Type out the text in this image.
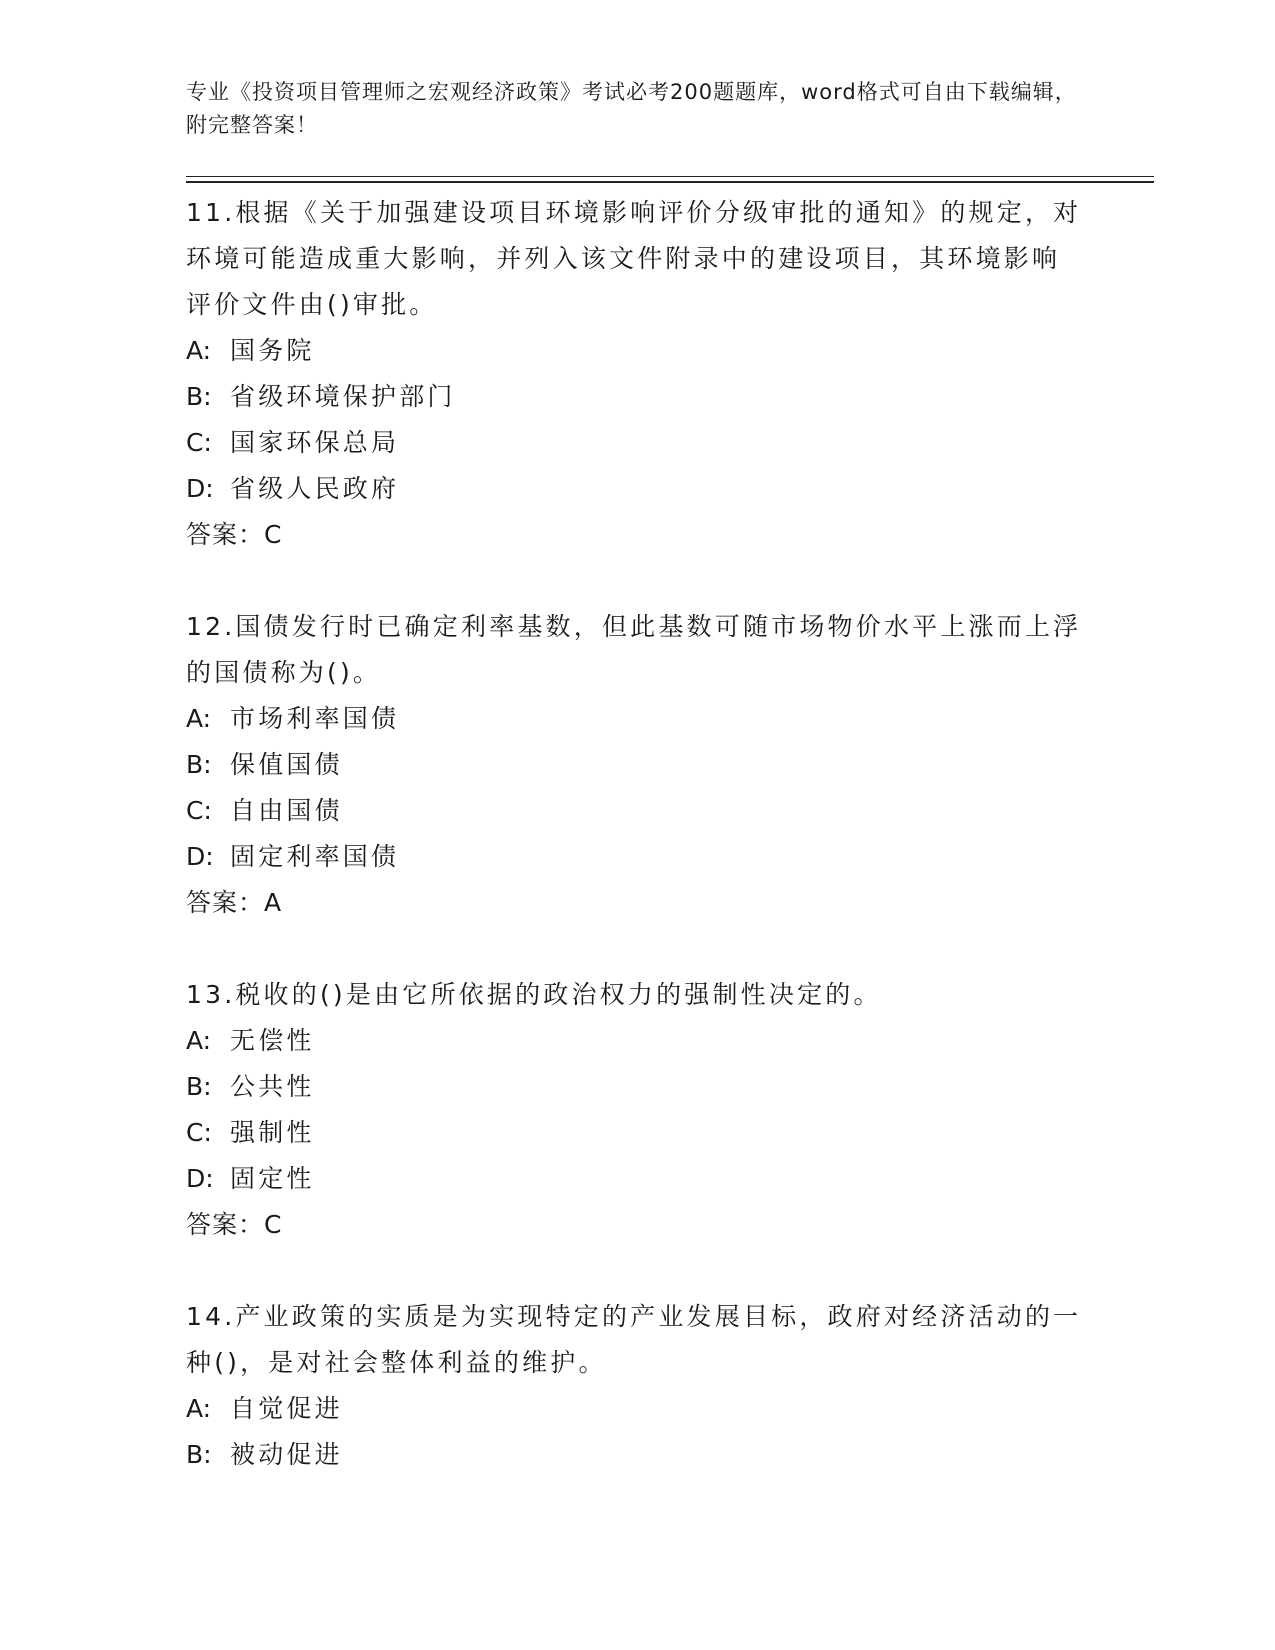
专业《投资项目管理师之宏观经济政策》考试必考200题题库，word格式可自由下载编辑，附完整答案！

11.根据《关于加强建设项目环境影响评价分级审批的通知》的规定，对环境可能造成重大影响，并列入该文件附录中的建设项目，其环境影响评价文件由()审批。

A: 国务院

B: 省级环境保护部门

C: 国家环保总局

D: 省级人民政府

答案：C

12.国债发行时已确定利率基数，但此基数可随市场物价水平上涨而上浮的国债称为()。

A: 市场利率国债

B: 保值国债

C: 自由国债

D: 固定利率国债

答案：A

13.税收的()是由它所依据的政治权力的强制性决定的。

A: 无偿性

B: 公共性

C: 强制性

D: 固定性

答案：C

14.产业政策的实质是为实现特定的产业发展目标，政府对经济活动的一种()，是对社会整体利益的维护。

A: 自觉促进

B: 被动促进
